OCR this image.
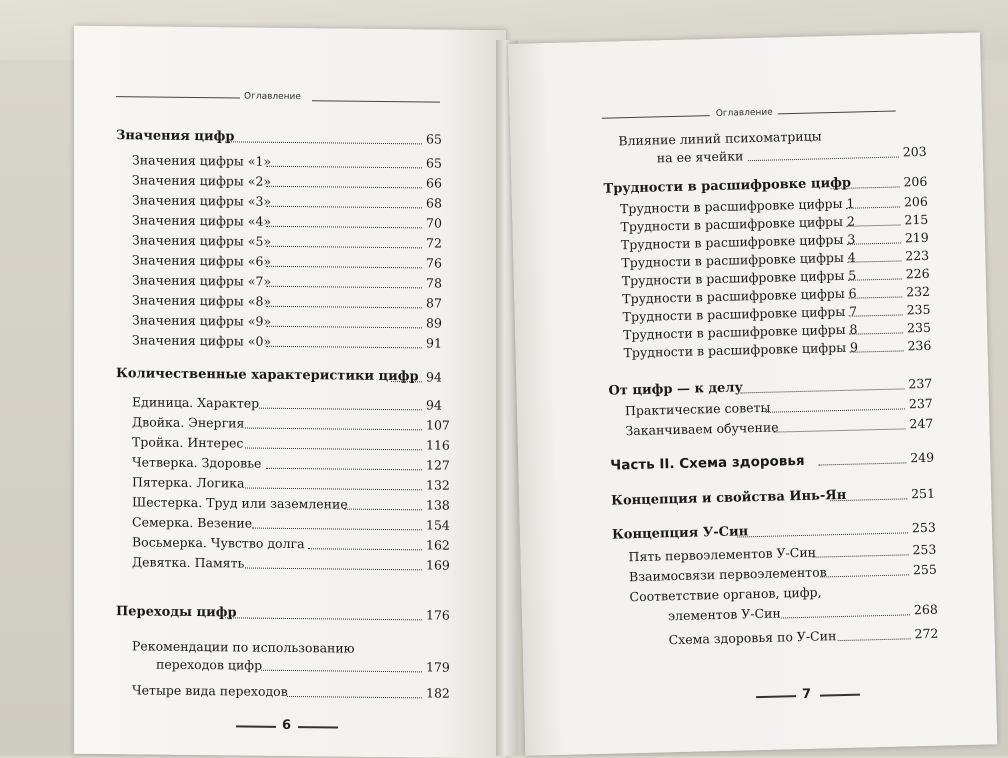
Оглавление
Значения цифр	65
Значения цифры «1»	65
Значения цифры «2»	66
Значения цифры «3»	68
Значения цифры «4»	70
Значения цифры «5»	72
Значения цифры «6»	76
Значения цифры «7»	78
Значения цифры «8»	87
Значения цифры «9»	89
Значения цифры «0»	91
Количественные характеристики цифр 94
Единица. Характер	94
Двойка. Энергия	107
Тройка. Интерес	116
Четверка. Здоровье	127
Пятерка. Логика	132
Шестерка. Труд или заземление	138
Семерка. Везение	154
Восьмерка. Чувство долга	162
Девятка. Память	169
Переходы цифр	176
Рекомендации по использованию
переходов цифр	179
Четыре вида переходов	182
6
Оглавление
Влияние линий психоматрицы
на ее ячейки	203
Трудности в расшифровке цифр	206
Трудности в расшифровке цифры 1	206
Трудности в расшифровке цифры 2	215
Трудности в расшифровке цифры 3	219
Трудности в расшифровке цифры 4	223
Трудности в расшифровке цифры 5	226
Трудности в расшифровке цифры 6	232
Трудности в расшифровке цифры 7	235
Трудности в расшифровке цифры 8	235
Трудности в расшифровке цифры 9	236
От цифр — к делу	237
Практические советы	237
Заканчиваем обучение	247
Часть II. Схема здоровья	249
Концепция и свойства Инь-Ян	251
Концепция У-Син	253
Пять первоэлементов У-Син	253
Взаимосвязи первоэлементов	255
Соответствие органов, цифр,
элементов У-Син	268
Схема здоровья по У-Син	272
7
